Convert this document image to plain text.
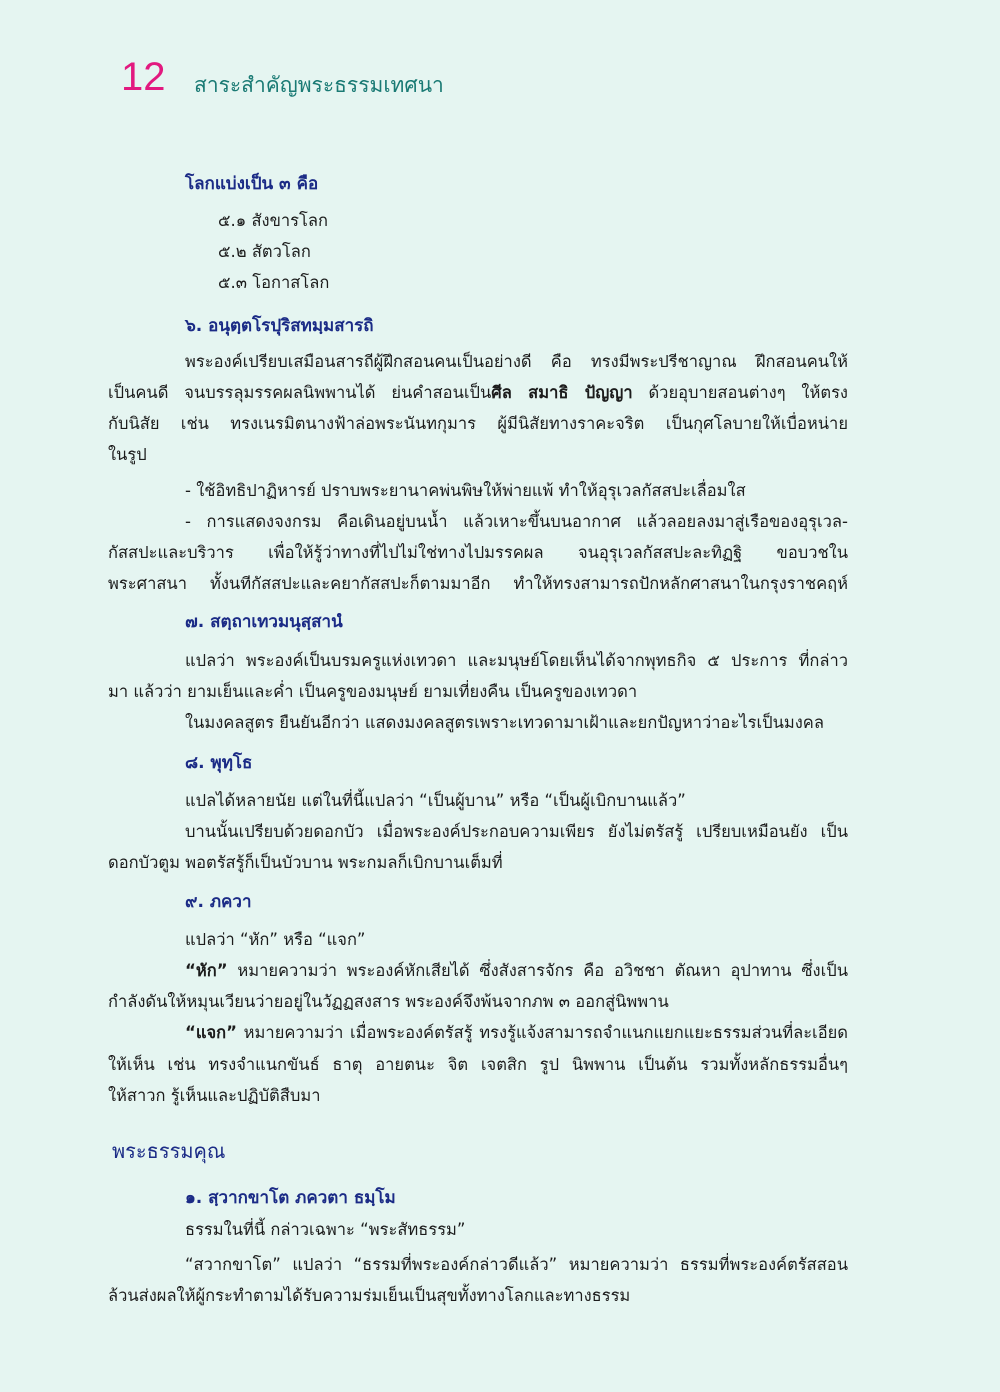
12 สาระสำคัญพระธรรมเทศนา
โลกแบ่งเป็น ๓ คือ
๕.๑ สังขารโลก
๕.๒ สัตวโลก
๕.๓ โอกาสโลก
๖. อนุตฺตโรปุริสทมฺมสารถิ
พระองค์เปรียบเสมือนสารถีผู้ฝึกสอนคนเป็นอย่างดี คือ ทรงมีพระปรีชาญาณ ฝึกสอนคนให้
เป็นคนดี จนบรรลุมรรคผลนิพพานได้ ย่นคำสอนเป็นศีล สมาธิ ปัญญา ด้วยอุบายสอนต่างๆ ให้ตรง
กับนิสัย เช่น ทรงเนรมิตนางฟ้าล่อพระนันทกุมาร ผู้มีนิสัยทางราคะจริต เป็นกุศโลบายให้เบื่อหน่าย
ในรูป
- ใช้อิทธิปาฏิหารย์ ปราบพระยานาคพ่นพิษให้พ่ายแพ้ ทำให้อุรุเวลกัสสปะเลื่อมใส
- การแสดงจงกรม คือเดินอยู่บนน้ำ แล้วเหาะขึ้นบนอากาศ แล้วลอยลงมาสู่เรือของอุรุเวล-
กัสสปะและบริวาร เพื่อให้รู้ว่าทางที่ไปไม่ใช่ทางไปมรรคผล จนอุรุเวลกัสสปะละทิฏฐิ ขอบวชใน
พระศาสนา ทั้งนทีกัสสปะและคยากัสสปะก็ตามมาอีก ทำให้ทรงสามารถปักหลักศาสนาในกรุงราชคฤห์
๗. สตฺถาเทวมนุสฺสานํ
แปลว่า พระองค์เป็นบรมครูแห่งเทวดา และมนุษย์โดยเห็นได้จากพุทธกิจ ๕ ประการ ที่กล่าว
มา แล้วว่า ยามเย็นและค่ำ เป็นครูของมนุษย์ ยามเที่ยงคืน เป็นครูของเทวดา
ในมงคลสูตร ยืนยันอีกว่า แสดงมงคลสูตรเพราะเทวดามาเฝ้าและยกปัญหาว่าอะไรเป็นมงคล
๘. พุทฺโธ
แปลได้หลายนัย แต่ในที่นี้แปลว่า “เป็นผู้บาน” หรือ “เป็นผู้เบิกบานแล้ว”
บานนั้นเปรียบด้วยดอกบัว เมื่อพระองค์ประกอบความเพียร ยังไม่ตรัสรู้ เปรียบเหมือนยัง เป็น
ดอกบัวตูม พอตรัสรู้ก็เป็นบัวบาน พระกมลก็เบิกบานเต็มที่
๙. ภควา
แปลว่า “หัก” หรือ “แจก”
“หัก” หมายความว่า พระองค์หักเสียได้ ซึ่งสังสารจักร คือ อวิชชา ตัณหา อุปาทาน ซึ่งเป็น
กำลังดันให้หมุนเวียนว่ายอยู่ในวัฏฏสงสาร พระองค์จึงพ้นจากภพ ๓ ออกสู่นิพพาน
“แจก” หมายความว่า เมื่อพระองค์ตรัสรู้ ทรงรู้แจ้งสามารถจำแนกแยกแยะธรรมส่วนที่ละเอียด
ให้เห็น เช่น ทรงจำแนกขันธ์ ธาตุ อายตนะ จิต เจตสิก รูป นิพพาน เป็นต้น รวมทั้งหลักธรรมอื่นๆ
ให้สาวก รู้เห็นและปฏิบัติสืบมา
พระธรรมคุณ
๑. สฺวากขาโต ภควตา ธมฺโม
ธรรมในที่นี้ กล่าวเฉพาะ “พระสัทธรรม”
“สวากขาโต” แปลว่า “ธรรมที่พระองค์กล่าวดีแล้ว” หมายความว่า ธรรมที่พระองค์ตรัสสอน
ล้วนส่งผลให้ผู้กระทำตามได้รับความร่มเย็นเป็นสุขทั้งทางโลกและทางธรรม
